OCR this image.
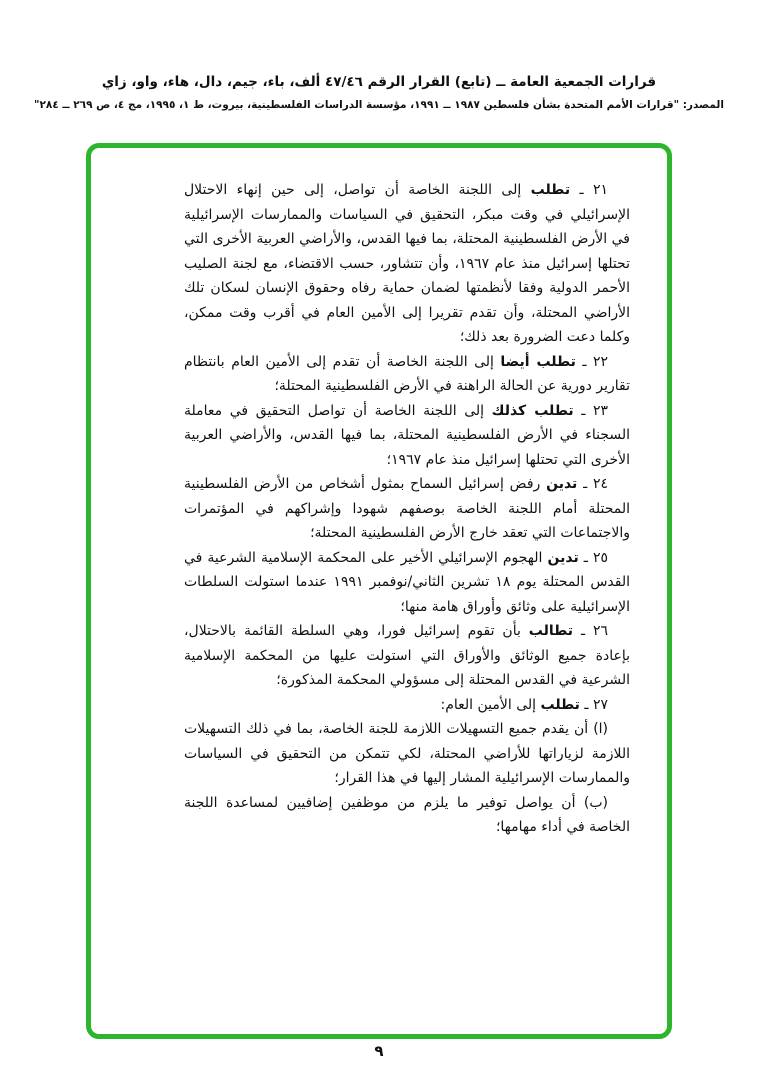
قرارات الجمعية العامة ــ (تابع) القرار الرقم ٤٧/٤٦ ألف، باء، جيم، دال، هاء، واو، زاي
المصدر: "قرارات الأمم المتحدة بشأن فلسطين ١٩٨٧ ــ ١٩٩١، مؤسسة الدراسات الفلسطينية، بيروت، ط ١، ١٩٩٥، مج ٤، ص ٢٦٩ ــ ٢٨٤"

٢١ ـ تطلب إلى اللجنة الخاصة أن تواصل، إلى حين إنهاء الاحتلال الإسرائيلي في وقت مبكر، التحقيق في السياسات والممارسات الإسرائيلية في الأرض الفلسطينية المحتلة، بما فيها القدس، والأراضي العربية الأخرى التي تحتلها إسرائيل منذ عام ١٩٦٧، وأن تتشاور، حسب الاقتضاء، مع لجنة الصليب الأحمر الدولية وفقا لأنظمتها لضمان حماية رفاه وحقوق الإنسان لسكان تلك الأراضي المحتلة، وأن تقدم تقريرا إلى الأمين العام في أقرب وقت ممكن، وكلما دعت الضرورة بعد ذلك؛

٢٢ ـ تطلب أيضا إلى اللجنة الخاصة أن تقدم إلى الأمين العام بانتظام تقارير دورية عن الحالة الراهنة في الأرض الفلسطينية المحتلة؛

٢٣ ـ تطلب كذلك إلى اللجنة الخاصة أن تواصل التحقيق في معاملة السجناء في الأرض الفلسطينية المحتلة، بما فيها القدس، والأراضي العربية الأخرى التي تحتلها إسرائيل منذ عام ١٩٦٧؛

٢٤ ـ تدين رفض إسرائيل السماح بمثول أشخاص من الأرض الفلسطينية المحتلة أمام اللجنة الخاصة بوصفهم شهودا وإشراكهم في المؤتمرات والاجتماعات التي تعقد خارج الأرض الفلسطينية المحتلة؛

٢٥ ـ تدين الهجوم الإسرائيلي الأخير على المحكمة الإسلامية الشرعية في القدس المحتلة يوم ١٨ تشرين الثاني/نوفمبر ١٩٩١ عندما استولت السلطات الإسرائيلية على وثائق وأوراق هامة منها؛

٢٦ ـ تطالب بأن تقوم إسرائيل فورا، وهي السلطة القائمة بالاحتلال، بإعادة جميع الوثائق والأوراق التي استولت عليها من المحكمة الإسلامية الشرعية في القدس المحتلة إلى مسؤولي المحكمة المذكورة؛

٢٧ ـ تطلب إلى الأمين العام:

(ا) أن يقدم جميع التسهيلات اللازمة للجنة الخاصة، بما في ذلك التسهيلات اللازمة لزياراتها للأراضي المحتلة، لكي تتمكن من التحقيق في السياسات والممارسات الإسرائيلية المشار إليها في هذا القرار؛

(ب) أن يواصل توفير ما يلزم من موظفين إضافيين لمساعدة اللجنة الخاصة في أداء مهامها؛

٩
